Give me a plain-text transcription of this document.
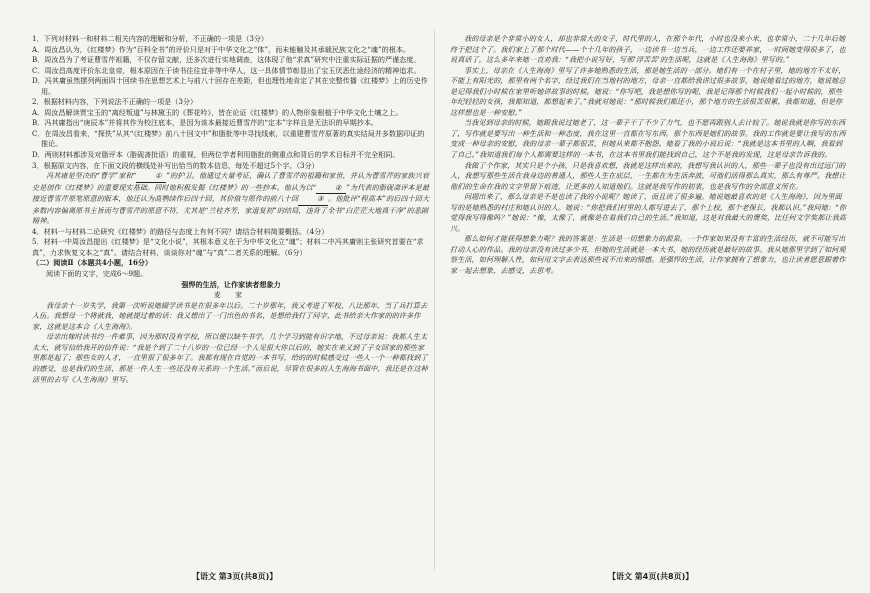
1．下列对材料一和材料二相关内容的理解和分析，不正确的一项是（3分）

A．周汝昌认为，《红楼梦》作为“百科全书”的评价只是对于中华文化之“体”，而未能触及其承载民族文化之“魂”的根本。

B．周汝昌为了考证曹雪芹祖籍，不仅存留文献，还多次进行实地调查，这体现了他“求真”研究中注重实际证据的严谨态度。

C．周汝昌高度评价东北皇帝，根本原因在于读书往往宜非等中华人，这一具体情节彰显出了宝玉厌恶仕途经济的精神追求。

D．冯其庸虽然摆列两面四十回续书在思想艺术上与前八十回存在差距，但也理性地肯定了其在完整传播《红楼梦》上的历史作用。

2．根据材料内容，下列说法不正确的一项是（3分）

A．周汝昌解读贾宝玉的“离经叛道”与林黛玉的《葬花吟》，皆在论证《红楼梦》的人物形象根植于中华文化土壤之上。

B．冯其庸指出“庚辰本”并将其作为校注底本，是因为该本最接近曹雪芹的“定本”字样且是无法识的早期抄本。

C．在周汝昌看来，“探佚”从其“《红楼梦》前八十回文中”和脂批等中寻找线索，以重建曹雪芹原著的真实结局并多数据印证的推论。

D．两则材料都涉及对脂评本（脂砚斋批语）的重视，但两位学者利用脂批的侧重点和背后的学术目标并不完全相同。

3．根据原文内容，在下面文段的横线处补写出恰当的数本信息，每处不超过5个字。（3分）

冯其庸是坚决的“曹学”家和“	① ”的护卫。他通过大量考证，确认了曹雪芹的祖籍和家世，并认为曹雪芹的家族兴衰史是创作《红楼梦》的重要现实基础。同时他积极发掘《红楼梦》的一些抄本。他认为以“	② ”为代表的脂砚斋评本是最接近曹雪芹原笔原意的版本，他还认为高鹗续作后四十回，其价值与原作的前八十回	③ 。他批评“程高本”的后四十回大多数内容偏离原书主旨而与曹雪芹的原意不符，尤其是“兰桂齐芳，家道复初”的结局，违背了全书“白茫茫大地真干净”的悲剧精神。

4．材料一与材料二论研究《红楼梦》的路径与态度上有何不同？请结合材料简要概括。（4分）

5．材料一中周汝昌提出《红楼梦》是“文化小说”，其根本意义在于为中华文化立“魂”；材料二中冯其庸则主张研究首要在“求真”，力求恢复文本之“真”。请结合材料，谈谈你对“魂”与“真”二者关系的理解。（6分）

（二）阅读Ⅱ（本题共4小题，16分）

阅读下面的文字，完成6～9题。

强悍的生活，让作家读者想象力

麦 家

我母亲十一岁失学，我第一次听说她辍学读书是在很多年以后。二十岁那年，我又考进了军校，八比那年，当了兵打算去入伍。我想母一个将就我，她就提过着的话：我又想出了一门出色的书名，是想给我打了问字，此书给亲大作家的的许多作家，这就是这本合《人生海海》。

母亲出嫁时读书约一件难事，因为那时没有学校，所以便以缺牛书学，几个学习到能有识字地，不过母亲说：我都人生太太大，就写信给我开的信件说：“我是个到了二十八岁的一位已经一个人见很大你以后的，她实在来又到了子女回家的那些家里都是起了；那些女的人才，一直里很了很多年了。我都有现在自觉的一本书写，给的的时候感受过一些人一个一种都找到了的感受，也是我们的生活，那是一件人生一些还没有关系的一个生活。”而后说，尽管在很多的人生海海书面中，我还是在这种活里的去写《人生海海》里写。

我的母亲是个非常小的女人，却也非常大的女子，时代里的人，在那个年代，小时也没来小米，也非常小，二十几年后她终于把这个了。我们家上了那个时代——个十几年的孩子，一边读书一边当兵，一边工作还要养家，一时间她变得很多了，也说真话了，这么多年来她一直劝我：“我把小说写好，写那‘浮苦苦’的生活呢，这就是《人生海海》里写的。”

事实上，母亲在《人生海海》里写了许多她熟悉的生活，那是她生活的一部分。她们有一个在村子里，她的地方不太好，不能上有阳光的，那里有两个名字，经过我们在当地村的地方，母亲一直都给我讲过很多故事，她说她看过的地方，她说她总是记得我们小时候在家里听她讲故事的时候。她说：“你写吧，我是想你写的呢，我是记得那个时候我们一起小时候的，那些年纪轻轻的女孩，我都知道，都想起来了。”我就对她说：“那时候我们都还小，那个地方的生活很苦很累，我都知道，但是你这样想也是一种安慰。”

当我见到母亲的时候，她跟我说过她老了，这一辈子干了不少了力气，也不愿再跟别人去计较了。她说我就是你写的东西了，写作就是要写出一种生活和一种态度，我在这里一直都在写东西，那个东西是她们的故事。我的工作就是要让我写的东西变成一种母亲的安慰，我的母亲一辈子都很苦，但她从来都不抱怨。她看了我的小说后说：“我就是这本书里的人啊，我看到了自己。”我知道我们每个人都需要这样的一本书，在这本书里我们能找到自己，这个不是我的发现，这是母亲告诉我的。

我做了个作家，其实只是个小孩，只是我喜欢想，我就是这样出来的，我想写我认识的人，那些一辈子也没有出过远门的人，我想写那些生活在我身边的普通人，那些人生在底层，一生都在为生活奔波，可他们活得那么真实，那么有尊严。我想让他们的生命在我的文字里留下痕迹，让更多的人知道他们。这就是我写作的初衷，也是我写作的全部意义所在。

问题出来了，那么母亲是不是也读了我的小说呢？她读了，而且读了很多遍。她说她最喜欢的是《人生海海》，因为里面写的是她熟悉的村庄和她认识的人。她说：“你把我们村里的人都写进去了，那个上校，那个老保长，我都认识。”我问她：“你觉得我写得像吗？”她说：“像，太像了，就像是在看我们自己的生活。”我知道，这是对我最大的褒奖，比任何文学奖都让我高兴。

那么如何才能获得想象力呢？我的答案是：生活是一切想象力的源泉。一个作家如果没有丰富的生活经历，就不可能写出打动人心的作品。我的母亲没有读过多少书，但她的生活就是一本大书，她的经历就是最好的故事。我从她那里学到了如何观察生活，如何理解人性，如何用文字去表达那些说不出来的情感。是强悍的生活，让作家拥有了想象力，也让读者愿意跟着作家一起去想象，去感受，去思考。

【语文 第3页(共8页)】	【语文 第4页(共8页)】
